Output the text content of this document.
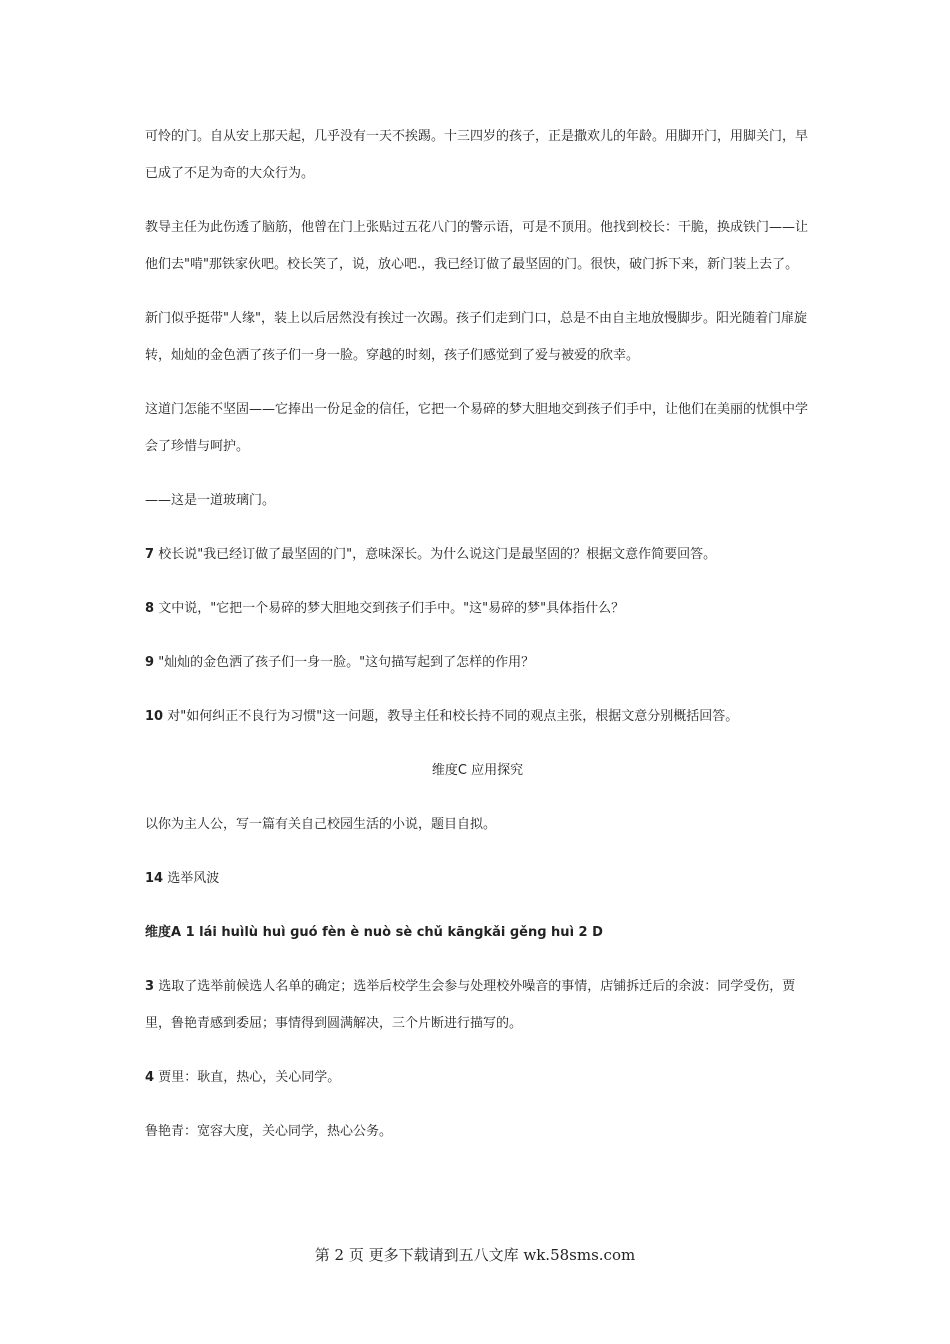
可怜的门。自从安上那天起，几乎没有一天不挨踢。十三四岁的孩子，正是撒欢儿的年龄。用脚开门，用脚关门，早已成了不足为奇的大众行为。

教导主任为此伤透了脑筋，他曾在门上张贴过五花八门的警示语，可是不顶用。他找到校长：干脆，换成铁门——让他们去"啃"那铁家伙吧。校长笑了，说，放心吧.，我已经订做了最坚固的门。很快，破门拆下来，新门装上去了。

新门似乎挺带"人缘"，装上以后居然没有挨过一次踢。孩子们走到门口，总是不由自主地放慢脚步。阳光随着门扉旋转，灿灿的金色洒了孩子们一身一脸。穿越的时刻，孩子们感觉到了爱与被爱的欣幸。

这道门怎能不坚固——它捧出一份足金的信任，它把一个易碎的梦大胆地交到孩子们手中，让他们在美丽的忧惧中学会了珍惜与呵护。

——这是一道玻璃门。

7 校长说"我已经订做了最坚固的门"，意味深长。为什么说这门是最坚固的？根据文意作简要回答。

8 文中说，"它把一个易碎的梦大胆地交到孩子们手中。"这"易碎的梦"具体指什么？

9 "灿灿的金色洒了孩子们一身一脸。"这句描写起到了怎样的作用？

10 对"如何纠正不良行为习惯"这一问题，教导主任和校长持不同的观点主张，根据文意分别概括回答。

维度C 应用探究

以你为主人公，写一篇有关自己校园生活的小说，题目自拟。

14 选举风波

维度A 1 lái huìlù huì ɡuó fèn è nuò sè chǔ kānɡkǎi ɡěnɡ huì 2 D

3 选取了选举前候选人名单的确定；选举后校学生会参与处理校外噪音的事情，店铺拆迁后的余波：同学受伤，贾里，鲁艳青感到委屈；事情得到圆满解决，三个片断进行描写的。

4 贾里：耿直，热心，关心同学。

鲁艳青：宽容大度，关心同学，热心公务。

第 2 页 更多下载请到五八文库 wk.58sms.com
